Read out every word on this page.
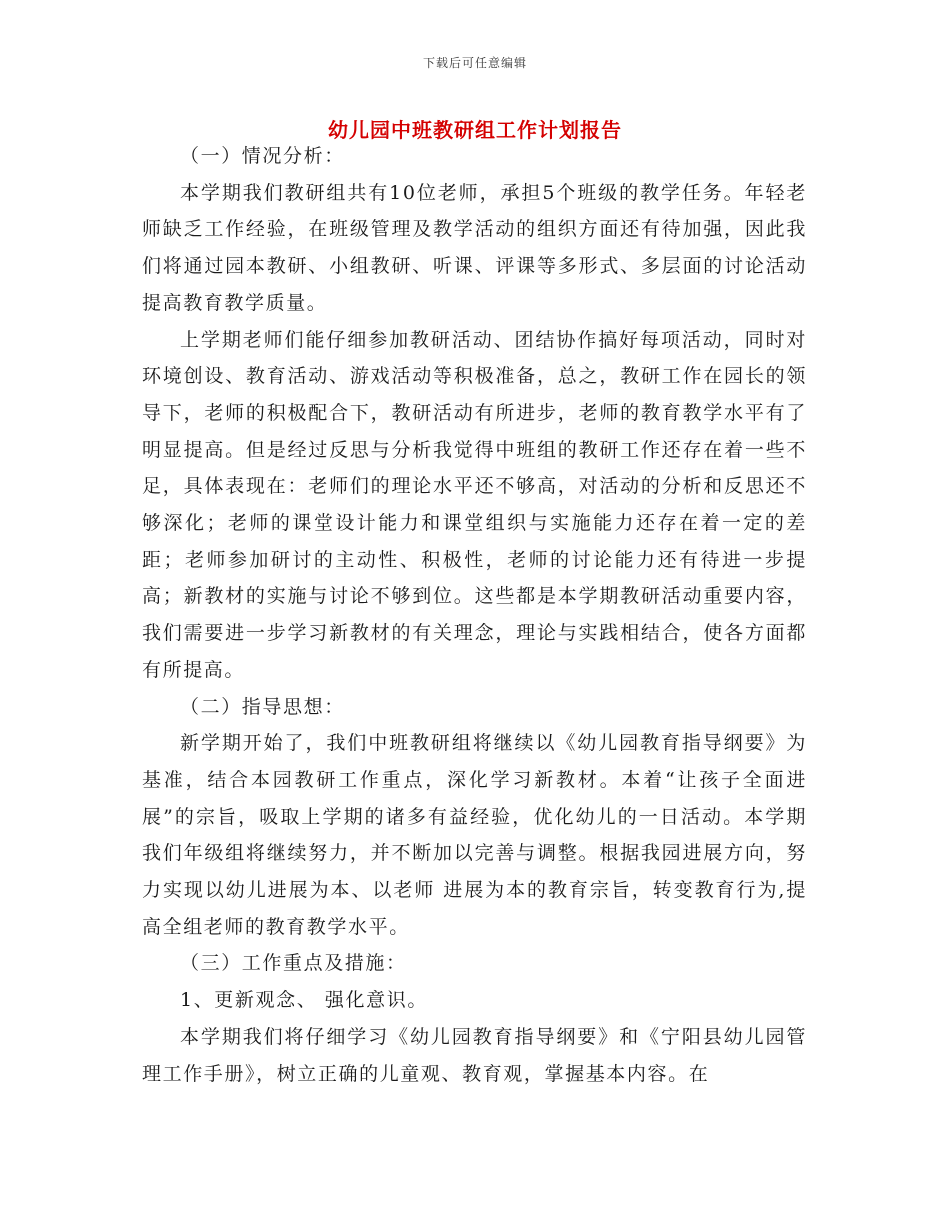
下载后可任意编辑
幼儿园中班教研组工作计划报告

（一）情况分析：

本学期我们教研组共有10位老师，承担5个班级的教学任务。年轻老师缺乏工作经验，在班级管理及教学活动的组织方面还有待加强，因此我们将通过园本教研、小组教研、听课、评课等多形式、多层面的讨论活动提高教育教学质量。

上学期老师们能仔细参加教研活动、团结协作搞好每项活动，同时对环境创设、教育活动、游戏活动等积极准备，总之，教研工作在园长的领导下，老师的积极配合下，教研活动有所进步，老师的教育教学水平有了明显提高。但是经过反思与分析我觉得中班组的教研工作还存在着一些不足，具体表现在：老师们的理论水平还不够高，对活动的分析和反思还不够深化；老师的课堂设计能力和课堂组织与实施能力还存在着一定的差距；老师参加研讨的主动性、积极性，老师的讨论能力还有待进一步提高；新教材的实施与讨论不够到位。这些都是本学期教研活动重要内容，我们需要进一步学习新教材的有关理念，理论与实践相结合，使各方面都有所提高。

（二）指导思想：

新学期开始了，我们中班教研组将继续以《幼儿园教育指导纲要》为基准，结合本园教研工作重点，深化学习新教材。本着“让孩子全面进展”的宗旨，吸取上学期的诸多有益经验，优化幼儿的一日活动。本学期我们年级组将继续努力，并不断加以完善与调整。根据我园进展方向，努力实现以幼儿进展为本、以老师 进展为本的教育宗旨，转变教育行为,提高全组老师的教育教学水平。

（三）工作重点及措施：

1、更新观念、 强化意识。

本学期我们将仔细学习《幼儿园教育指导纲要》和《宁阳县幼儿园管理工作手册》，树立正确的儿童观、教育观，掌握基本内容。在
